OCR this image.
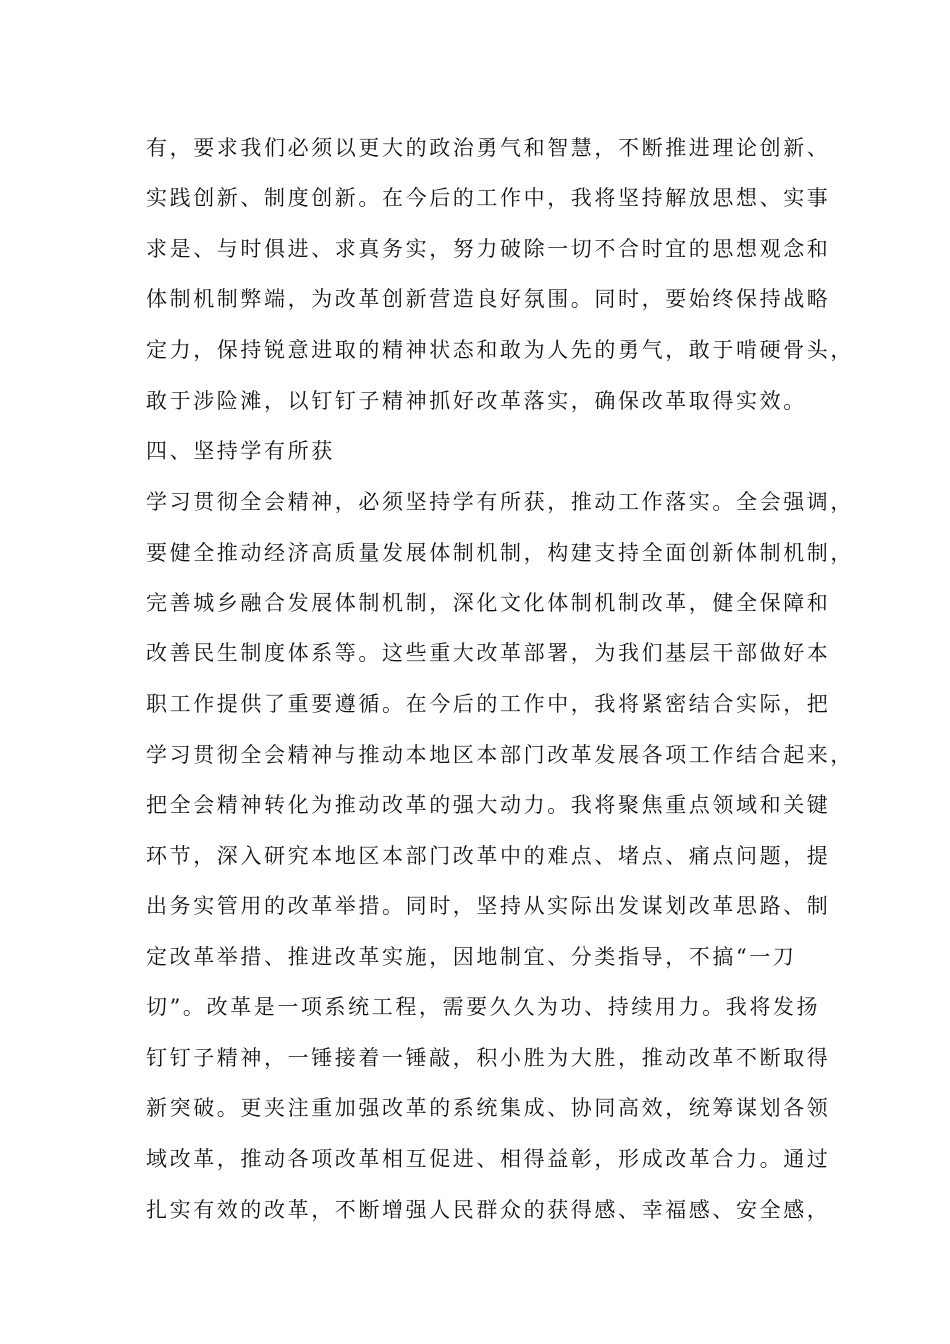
有，要求我们必须以更大的政治勇气和智慧，不断推进理论创新、
实践创新、制度创新。在今后的工作中，我将坚持解放思想、实事
求是、与时俱进、求真务实，努力破除一切不合时宜的思想观念和
体制机制弊端，为改革创新营造良好氛围。同时，要始终保持战略
定力，保持锐意进取的精神状态和敢为人先的勇气，敢于啃硬骨头，
敢于涉险滩，以钉钉子精神抓好改革落实，确保改革取得实效。
四、坚持学有所获
学习贯彻全会精神，必须坚持学有所获，推动工作落实。全会强调，
要健全推动经济高质量发展体制机制，构建支持全面创新体制机制，
完善城乡融合发展体制机制，深化文化体制机制改革，健全保障和
改善民生制度体系等。这些重大改革部署，为我们基层干部做好本
职工作提供了重要遵循。在今后的工作中，我将紧密结合实际，把
学习贯彻全会精神与推动本地区本部门改革发展各项工作结合起来，
把全会精神转化为推动改革的强大动力。我将聚焦重点领域和关键
环节，深入研究本地区本部门改革中的难点、堵点、痛点问题，提
出务实管用的改革举措。同时，坚持从实际出发谋划改革思路、制
定改革举措、推进改革实施，因地制宜、分类指导，不搞“一刀
切”。改革是一项系统工程，需要久久为功、持续用力。我将发扬
钉钉子精神，一锤接着一锤敲，积小胜为大胜，推动改革不断取得
新突破。更夹注重加强改革的系统集成、协同高效，统筹谋划各领
域改革，推动各项改革相互促进、相得益彰，形成改革合力。通过
扎实有效的改革，不断增强人民群众的获得感、幸福感、安全感，
